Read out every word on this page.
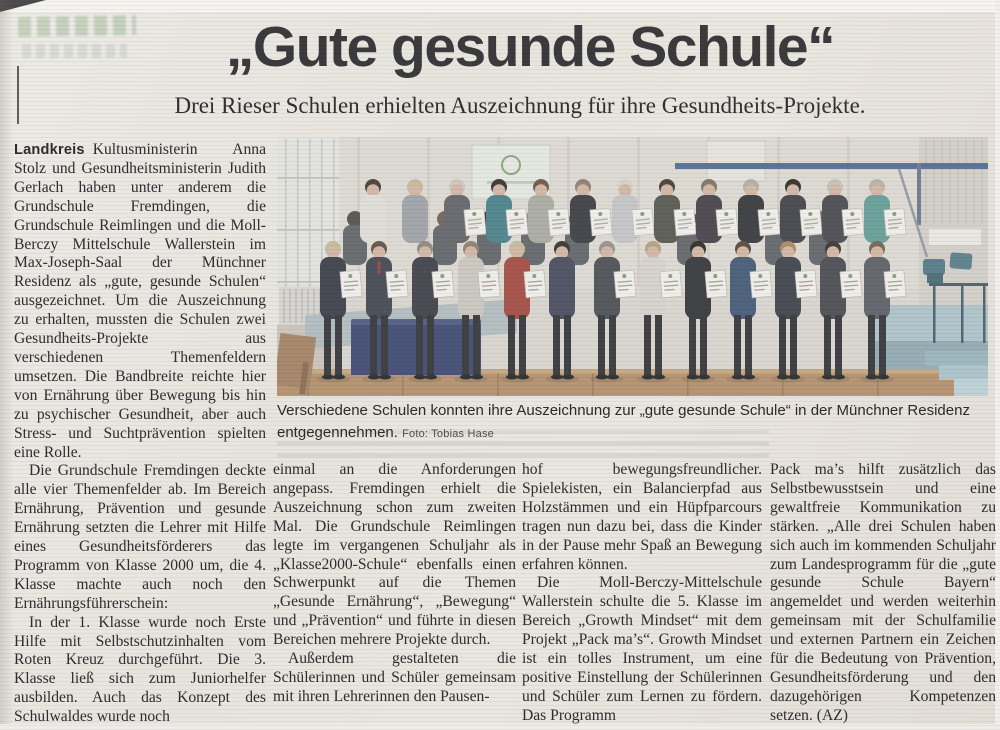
„Gute gesunde Schule“
Drei Rieser Schulen erhielten Auszeichnung für ihre Gesundheits-Projekte.
Verschiedene Schulen konnten ihre Auszeichnung zur „gute gesunde Schule“ in der Münchner Residenz entgegennehmen. Foto: Tobias Hase

Landkreis Kultusministerin Anna Stolz und Gesundheitsministerin Judith Gerlach haben unter anderem die Grundschule Fremdingen, die Grundschule Reimlingen und die Moll-Berczy Mittelschule Wallerstein im Max-Joseph-Saal der Münchner Residenz als „gute, gesunde Schulen“ ausgezeichnet. Um die Auszeichnung zu erhalten, mussten die Schulen zwei Gesundheits-Projekte aus verschiedenen Themenfeldern umsetzen. Die Bandbreite reichte hier von Ernährung über Bewegung bis hin zu psychischer Gesundheit, aber auch Stress- und Suchtprävention spielten eine Rolle.

Die Grundschule Fremdingen deckte alle vier Themenfelder ab. Im Bereich Ernährung, Prävention und gesunde Ernährung setzten die Lehrer mit Hilfe eines Gesundheitsförderers das Programm von Klasse 2000 um, die 4. Klasse machte auch noch den Ernährungsführerschein:

In der 1. Klasse wurde noch Erste Hilfe mit Selbstschutzinhalten vom Roten Kreuz durchgeführt. Die 3. Klasse ließ sich zum Juniorhelfer ausbilden. Auch das Konzept des Schulwaldes wurde noch

einmal an die Anforderungen angepass. Fremdingen erhielt die Auszeichnung schon zum zweiten Mal. Die Grundschule Reimlingen legte im vergangenen Schuljahr als „Klasse2000-Schule“ ebenfalls einen Schwerpunkt auf die Themen „Gesunde Ernährung“, „Bewegung“ und „Prävention“ und führte in diesen Bereichen mehrere Projekte durch.

Außerdem gestalteten die Schülerinnen und Schüler gemeinsam mit ihren Lehrerinnen den Pausen-

hof bewegungsfreundlicher. Spielekisten, ein Balancierpfad aus Holzstämmen und ein Hüpfparcours tragen nun dazu bei, dass die Kinder in der Pause mehr Spaß an Bewegung erfahren können.

Die Moll-Berczy-Mittelschule Wallerstein schulte die 5. Klasse im Bereich „Growth Mindset“ mit dem Projekt „Pack ma’s“. Growth Mindset ist ein tolles Instrument, um eine positive Einstellung der Schülerinnen und Schüler zum Lernen zu fördern. Das Programm

Pack ma’s hilft zusätzlich das Selbstbewusstsein und eine gewaltfreie Kommunikation zu stärken. „Alle drei Schulen haben sich auch im kommenden Schuljahr zum Landesprogramm für die „gute gesunde Schule Bayern“ angemeldet und werden weiterhin gemeinsam mit der Schulfamilie und externen Partnern ein Zeichen für die Bedeutung von Prävention, Gesundheitsförderung und den dazugehörigen Kompetenzen setzen. (AZ)
